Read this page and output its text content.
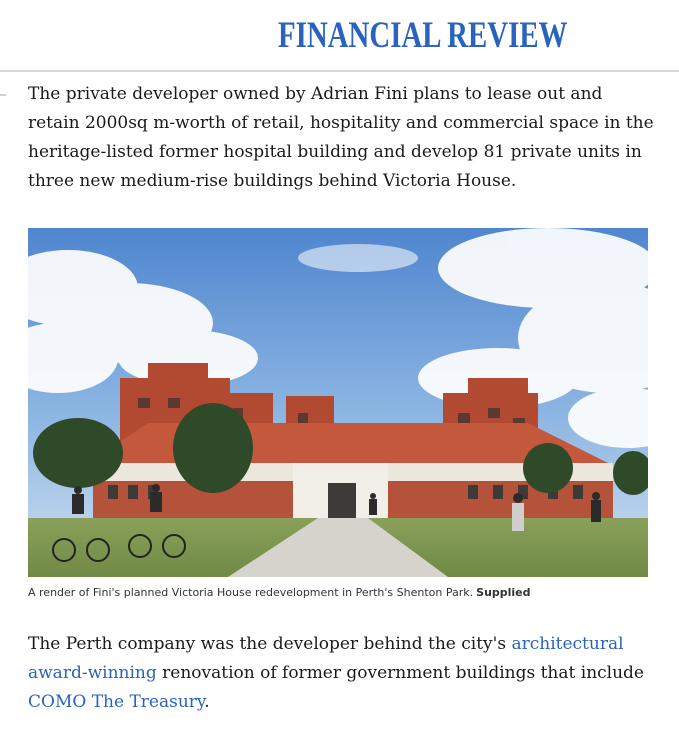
FINANCIAL REVIEW

The private developer owned by Adrian Fini plans to lease out and retain 2000sq m-worth of retail, hospitality and commercial space in the heritage-listed former hospital building and develop 81 private units in three new medium-rise buildings behind Victoria House.

A render of Fini's planned Victoria House redevelopment in Perth's Shenton Park. Supplied

The Perth company was the developer behind the city's architectural award-winning renovation of former government buildings that include COMO The Treasury.
